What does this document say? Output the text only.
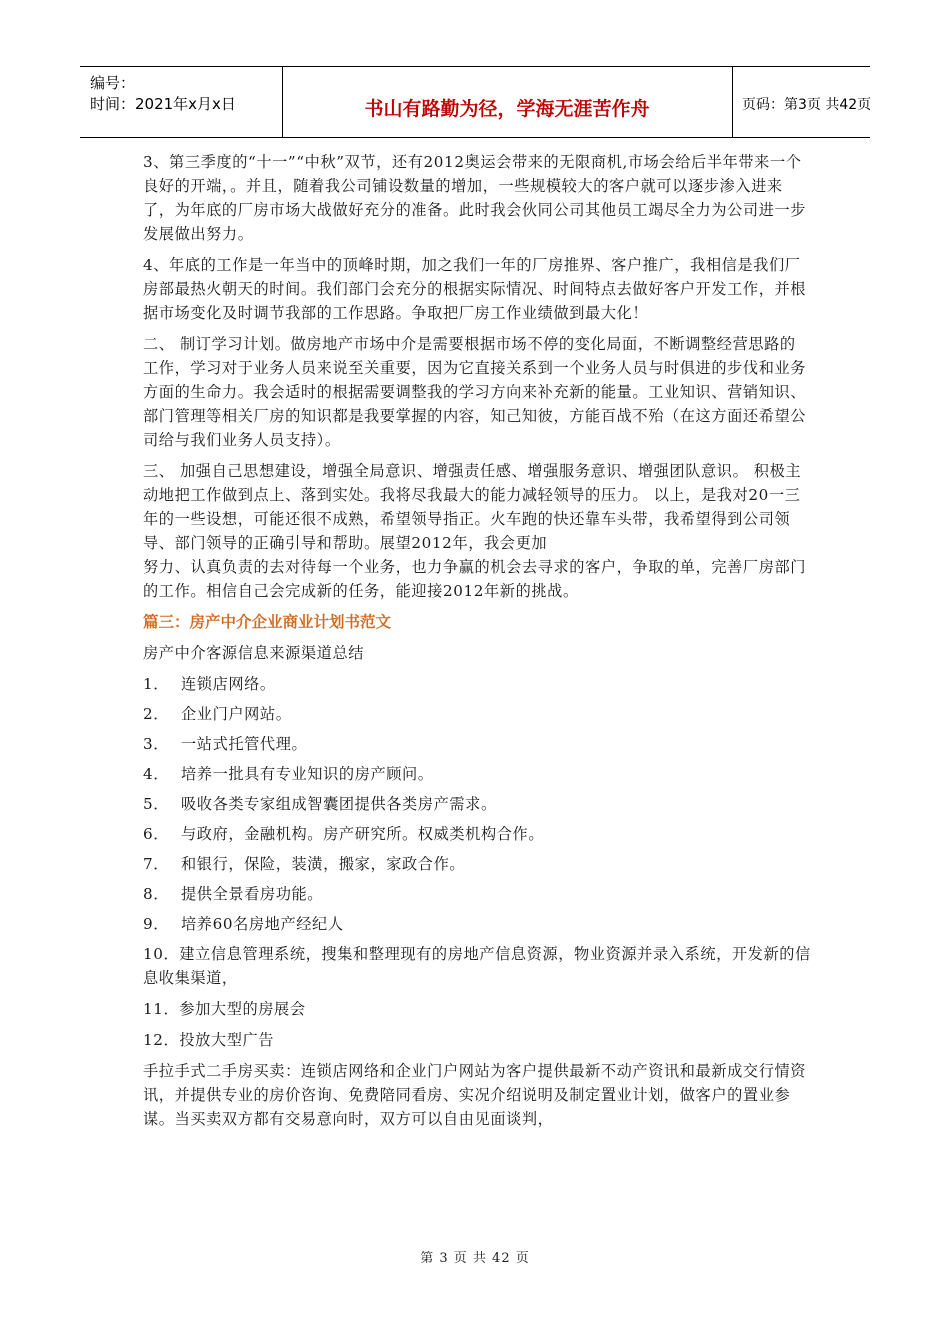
编号：
时间：2021年x月x日	书山有路勤为径，学海无涯苦作舟	页码：第3页 共42页

3、第三季度的“十一”“中秋”双节，还有2012奥运会带来的无限商机,市场会给后半年带来一个良好的开端，。并且，随着我公司铺设数量的增加，一些规模较大的客户就可以逐步渗入进来了，为年底的厂房市场大战做好充分的准备。此时我会伙同公司其他员工竭尽全力为公司进一步发展做出努力。

4、年底的工作是一年当中的顶峰时期，加之我们一年的厂房推界、客户推广，我相信是我们厂房部最热火朝天的时间。我们部门会充分的根据实际情况、时间特点去做好客户开发工作，并根据市场变化及时调节我部的工作思路。争取把厂房工作业绩做到最大化！

二、 制订学习计划。做房地产市场中介是需要根据市场不停的变化局面，不断调整经营思路的工作，学习对于业务人员来说至关重要，因为它直接关系到一个业务人员与时俱进的步伐和业务方面的生命力。我会适时的根据需要调整我的学习方向来补充新的能量。工业知识、营销知识、部门管理等相关厂房的知识都是我要掌握的内容，知己知彼，方能百战不殆（在这方面还希望公司给与我们业务人员支持）。

三、 加强自己思想建设，增强全局意识、增强责任感、增强服务意识、增强团队意识。 积极主动地把工作做到点上、落到实处。我将尽我最大的能力减轻领导的压力。 以上，是我对20一三年的一些设想，可能还很不成熟，希望领导指正。火车跑的快还靠车头带，我希望得到公司领导、部门领导的正确引导和帮助。展望2012年，我会更加

努力、认真负责的去对待每一个业务，也力争赢的机会去寻求的客户，争取的单，完善厂房部门的工作。相信自己会完成新的任务，能迎接2012年新的挑战。

篇三：房产中介企业商业计划书范文

房产中介客源信息来源渠道总结

1． 连锁店网络。
2． 企业门户网站。
3． 一站式托管代理。
4． 培养一批具有专业知识的房产顾问。
5． 吸收各类专家组成智囊团提供各类房产需求。
6． 与政府，金融机构。房产研究所。权威类机构合作。
7． 和银行，保险，装潢，搬家，家政合作。
8． 提供全景看房功能。
9． 培养60名房地产经纪人
10．建立信息管理系统，搜集和整理现有的房地产信息资源，物业资源并录入系统，开发新的信息收集渠道，
11．参加大型的房展会
12．投放大型广告

手拉手式二手房买卖：连锁店网络和企业门户网站为客户提供最新不动产资讯和最新成交行情资讯，并提供专业的房价咨询、免费陪同看房、实况介绍说明及制定置业计划，做客户的置业参谋。当买卖双方都有交易意向时，双方可以自由见面谈判，

第 3 页 共 42 页
